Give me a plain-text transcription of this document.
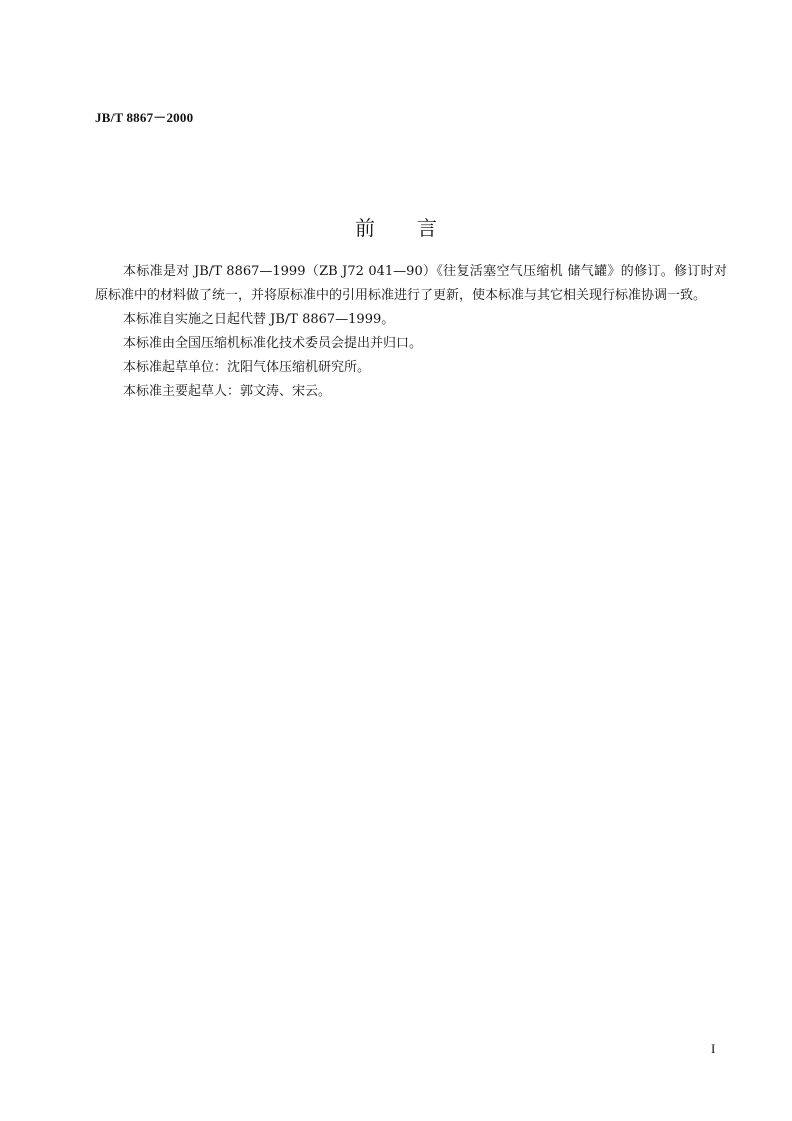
JB/T 8867－2000
前言

本标准是对 JB/T 8867—1999（ZB J72 041—90）《往复活塞空气压缩机 储气罐》的修订。修订时对原标准中的材料做了统一，并将原标准中的引用标准进行了更新，使本标准与其它相关现行标准协调一致。

本标准自实施之日起代替 JB/T 8867—1999。

本标准由全国压缩机标准化技术委员会提出并归口。

本标准起草单位：沈阳气体压缩机研究所。

本标准主要起草人：郭文涛、宋云。

I
